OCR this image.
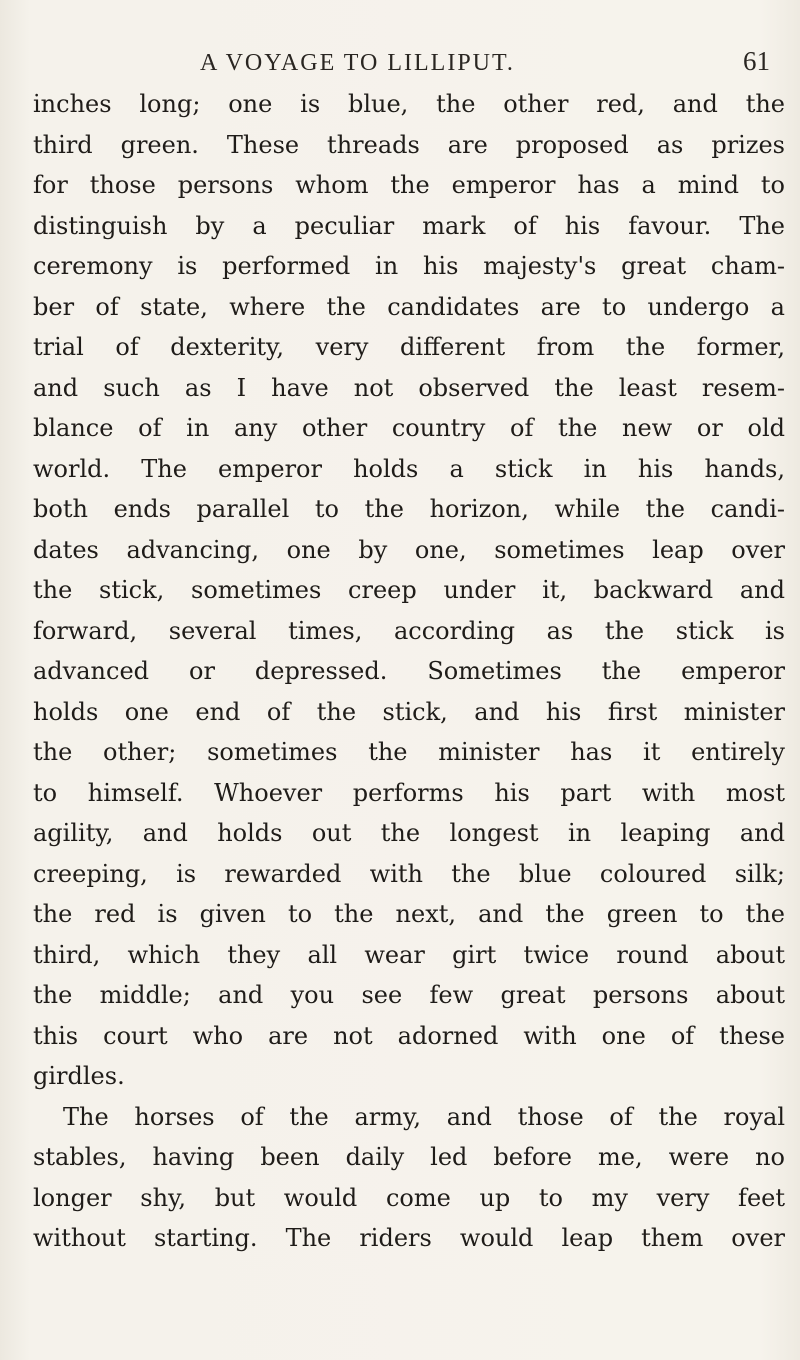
A VOYAGE TO LILLIPUT.	61
inches long; one is blue, the other red, and the
third green. These threads are proposed as prizes
for those persons whom the emperor has a mind to
distinguish by a peculiar mark of his favour. The
ceremony is performed in his majesty's great cham-
ber of state, where the candidates are to undergo a
trial of dexterity, very different from the former,
and such as I have not observed the least resem-
blance of in any other country of the new or old
world. The emperor holds a stick in his hands,
both ends parallel to the horizon, while the candi-
dates advancing, one by one, sometimes leap over
the stick, sometimes creep under it, backward and
forward, several times, according as the stick is
advanced or depressed. Sometimes the emperor
holds one end of the stick, and his first minister
the other; sometimes the minister has it entirely
to himself. Whoever performs his part with most
agility, and holds out the longest in leaping and
creeping, is rewarded with the blue coloured silk;
the red is given to the next, and the green to the
third, which they all wear girt twice round about
the middle; and you see few great persons about
this court who are not adorned with one of these
girdles.
The horses of the army, and those of the royal
stables, having been daily led before me, were no
longer shy, but would come up to my very feet
without starting. The riders would leap them over
